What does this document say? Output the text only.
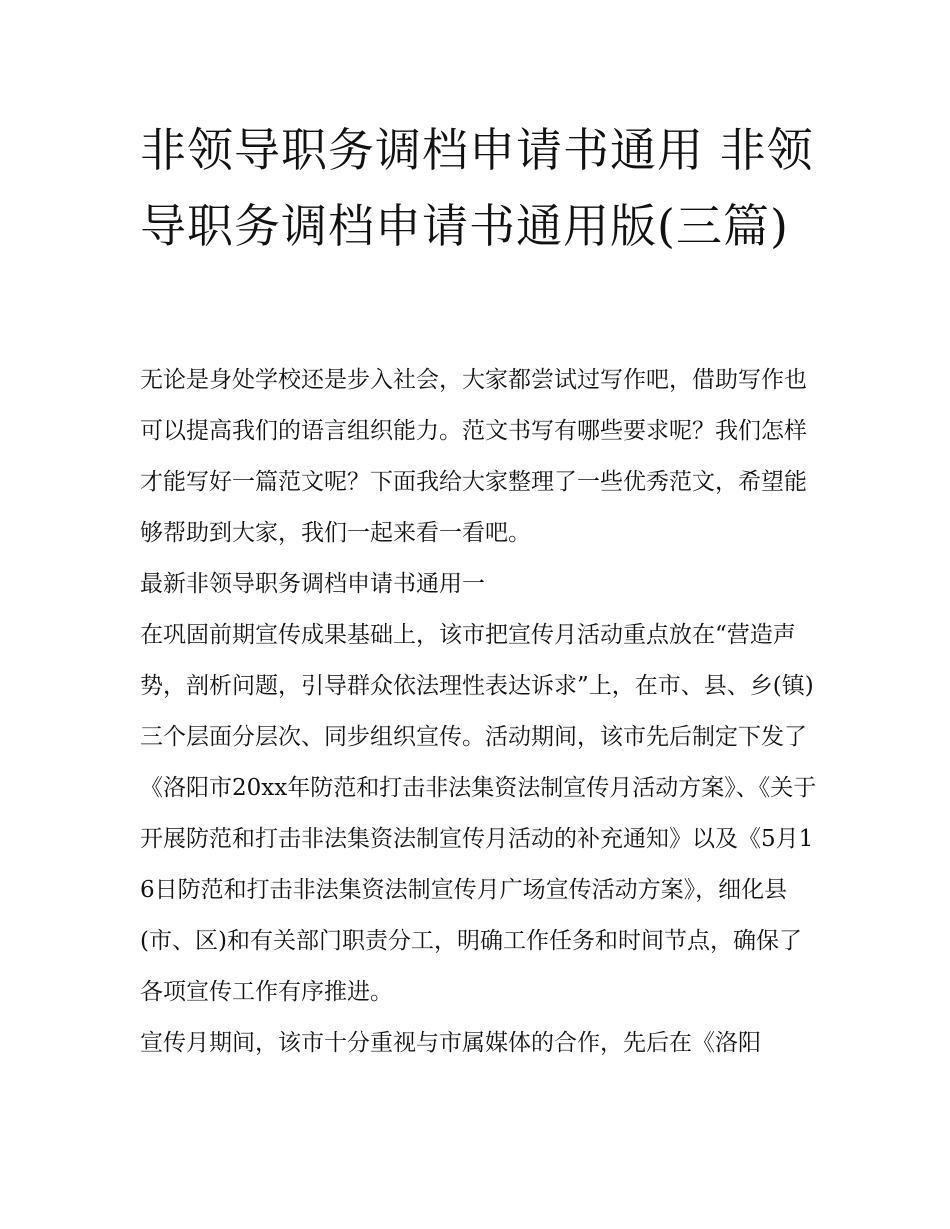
非领导职务调档申请书通用 非领导职务调档申请书通用版(三篇)

无论是身处学校还是步入社会，大家都尝试过写作吧，借助写作也可以提高我们的语言组织能力。范文书写有哪些要求呢？我们怎样才能写好一篇范文呢？下面我给大家整理了一些优秀范文，希望能够帮助到大家，我们一起来看一看吧。

最新非领导职务调档申请书通用一

在巩固前期宣传成果基础上，该市把宣传月活动重点放在“营造声势，剖析问题，引导群众依法理性表达诉求”上，在市、县、乡(镇)三个层面分层次、同步组织宣传。活动期间，该市先后制定下发了《洛阳市20xx年防范和打击非法集资法制宣传月活动方案》、《关于开展防范和打击非法集资法制宣传月活动的补充通知》以及《5月16日防范和打击非法集资法制宣传月广场宣传活动方案》，细化县(市、区)和有关部门职责分工，明确工作任务和时间节点，确保了各项宣传工作有序推进。

宣传月期间，该市十分重视与市属媒体的合作，先后在《洛阳
